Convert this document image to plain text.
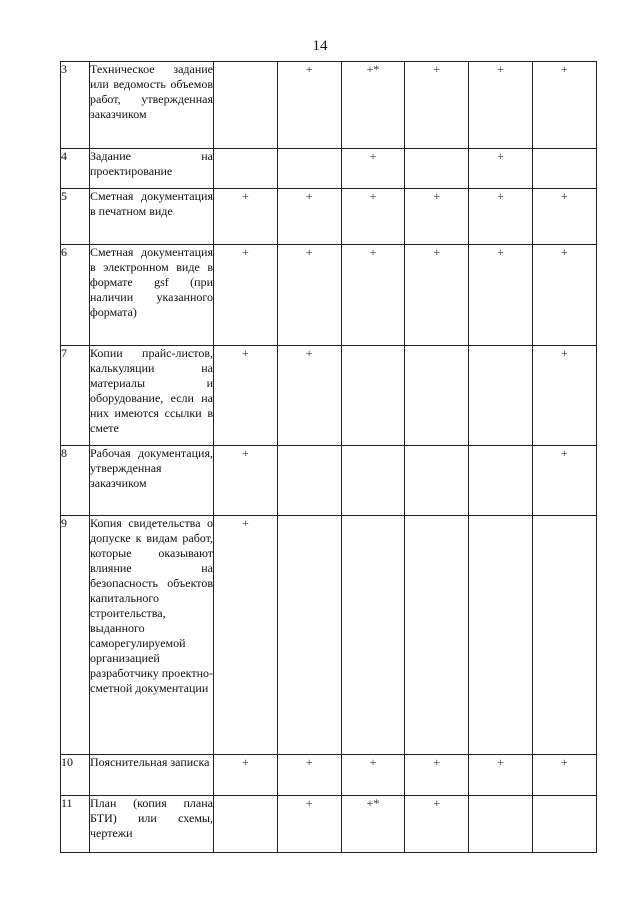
14
3	Техническое задание или ведомость объемов работ, утвержденная заказчиком		+	+*	+	+	+
4	Задание на проектирование			+		+	
5	Сметная документация в печатном виде	+	+	+	+	+	+
6	Сметная документация в электронном виде в формате gsf (при наличии указанного формата)	+	+	+	+	+	+
7	Копии прайс-листов, калькуляции на материалы и оборудование, если на них имеются ссылки в смете	+	+				+
8	Рабочая документация, утвержденная заказчиком	+					+
9	Копия свидетельства о допуске к видам работ, которые оказывают влияние на безопасность объектов капитального строительства, выданного саморегулируемой организацией разработчику проектно-сметной документации	+					
10	Пояснительная записка	+	+	+	+	+	+
11	План (копия плана БТИ) или схемы, чертежи		+	+*	+		
